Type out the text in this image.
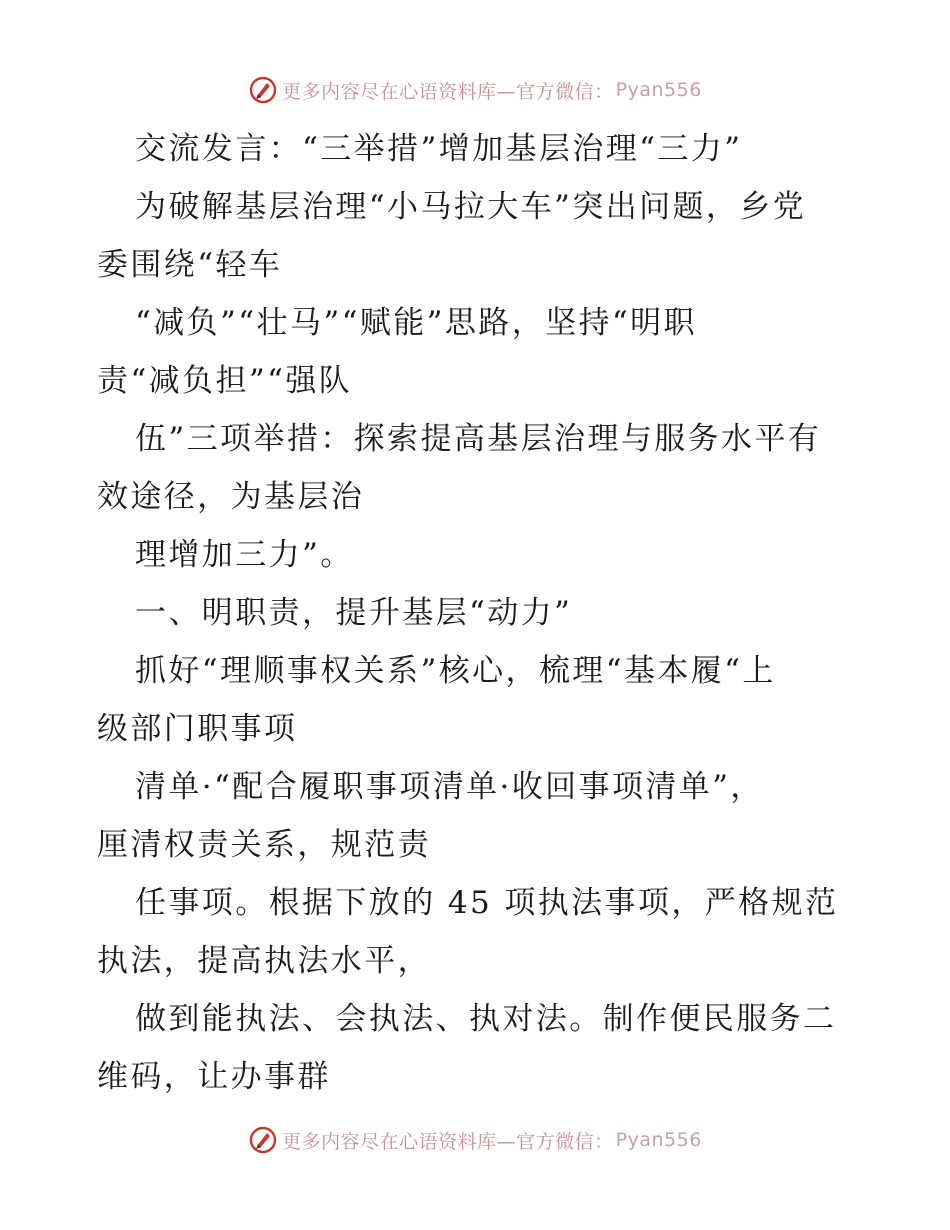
更多内容尽在心语资料库—官方微信： Pyan556
交流发言：“三举措”增加基层治理“三力”
为破解基层治理“小马拉大车”突出问题，乡党
委围绕“轻车
“减负”“壮马”“赋能”思路，坚持“明职
责“减负担”“强队
伍”三项举措：探索提高基层治理与服务水平有
效途径，为基层治
理增加三力”。
一、明职责，提升基层“动力”
抓好“理顺事权关系”核心，梳理“基本履“上
级部门职事项
清单·“配合履职事项清单·收回事项清单”，
厘清权责关系，规范责
任事项。根据下放的 45 项执法事项，严格规范
执法，提高执法水平，
做到能执法、会执法、执对法。制作便民服务二
维码，让办事群
更多内容尽在心语资料库—官方微信： Pyan556
